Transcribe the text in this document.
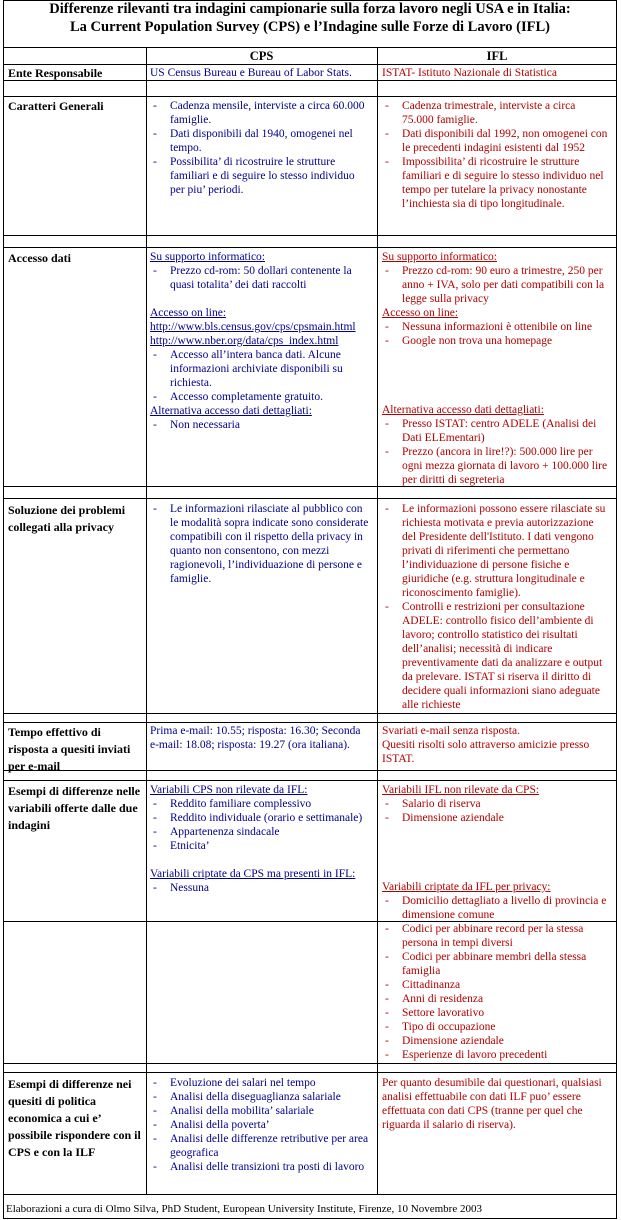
Differenze rilevanti tra indagini campionarie sulla forza lavoro negli USA e in Italia:
La Current Population Survey (CPS) e l’Indagine sulle Forze di Lavoro (IFL)
CPS	IFL
Ente Responsabile	US Census Bureau e Bureau of Labor Stats.	ISTAT- Istituto Nazionale di Statistica
Caratteri Generali
-	Cadenza mensile, interviste a circa 60.000 famiglie.
- Dati disponibili dal 1940, omogenei nel tempo.
- Possibilita’ di ricostruire le strutture familiari e di seguire lo stesso individuo per piu’ periodi.
- Cadenza trimestrale, interviste a circa 75.000 famiglie.
- Dati disponibili dal 1992, non omogenei con le precedenti indagini esistenti dal 1952
- Impossibilita’ di ricostruire le strutture familiari e di seguire lo stesso individuo nel tempo per tutelare la privacy nonostante l’inchiesta sia di tipo longitudinale.
Accesso dati	Su supporto informatico:

- Prezzo cd-rom: 50 dollari contenente la quasi totalita’ dei dati raccolti

Accesso on line:

http://www.bls.census.gov/cps/cpsmain.html

http://www.nber.org/data/cps_index.html

- Accesso all’intera banca dati. Alcune informazioni archiviate disponibili su richiesta.
- Accesso completamente gratuito.

Alternativa accesso dati dettagliati:

- Non necessaria

Su supporto informatico:

- Prezzo cd-rom: 90 euro a trimestre, 250 per anno + IVA, solo per dati compatibili con la legge sulla privacy

Accesso on line:

- Nessuna informazioni è ottenibile on line
- Google non trova una homepage

Alternativa accesso dati dettagliati:

- Presso ISTAT: centro ADELE (Analisi dei Dati ELEmentari)
- Prezzo (ancora in lire!?): 500.000 lire per ogni mezza giornata di lavoro + 100.000 lire per diritti di segreteria
Soluzione dei problemi collegati alla privacy
- Le informazioni rilasciate al pubblico con le modalità sopra indicate sono considerate compatibili con il rispetto della privacy in quanto non consentono, con mezzi ragionevoli, l’individuazione di persone e famiglie.
- Le informazioni possono essere rilasciate su richiesta motivata e previa autorizzazione del Presidente dell'Istituto. I dati vengono privati di riferimenti che permettano l’individuazione di persone fisiche e giuridiche (e.g. struttura longitudinale e riconoscimento famiglie).
- Controlli e restrizioni per consultazione ADELE: controllo fisico dell’ambiente di lavoro; controllo statistico dei risultati dell’analisi; necessità di indicare preventivamente dati da analizzare e output da prelevare. ISTAT si riserva il diritto di decidere quali informazioni siano adeguate alle richieste
Tempo effettivo di risposta a quesiti inviati per e-mail
Prima e-mail: 10.55; risposta: 16.30; Seconda e-mail: 18.08; risposta: 19.27 (ora italiana).

Svariati e-mail senza risposta.

Quesiti risolti solo attraverso amicizie presso ISTAT.

Esempi di differenze nelle variabili offerte dalle due indagini

Variabili CPS non rilevate da IFL:

- Reddito familiare complessivo
- Reddito individuale (orario e settimanale)
- Appartenenza sindacale
- Etnicita’

Variabili criptate da CPS ma presenti in IFL:

- Nessuna

Variabili IFL non rilevate da CPS:

- Salario di riserva
- Dimensione aziendale

Variabili criptate da IFL per privacy:

- Domicilio dettagliato a livello di provincia e dimensione comune
- Codici per abbinare record per la stessa persona in tempi diversi
- Codici per abbinare membri della stessa famiglia
- Cittadinanza
- Anni di residenza
- Settore lavorativo
- Tipo di occupazione
- Dimensione aziendale
- Esperienze di lavoro precedenti
Esempi di differenze nei quesiti di politica economica a cui e’ possibile rispondere con il CPS e con la ILF
- Evoluzione dei salari nel tempo
- Analisi della diseguaglianza salariale
- Analisi della mobilita’ salariale
- Analisi della poverta’
- Analisi delle differenze retributive per area geografica
- Analisi delle transizioni tra posti di lavoro
Per quanto desumibile dai questionari, qualsiasi analisi effettuabile con dati ILF puo’ essere effettuata con dati CPS (tranne per quel che riguarda il salario di riserva).
Elaborazioni a cura di Olmo Silva, PhD Student, European University Institute, Firenze, 10 Novembre 2003
